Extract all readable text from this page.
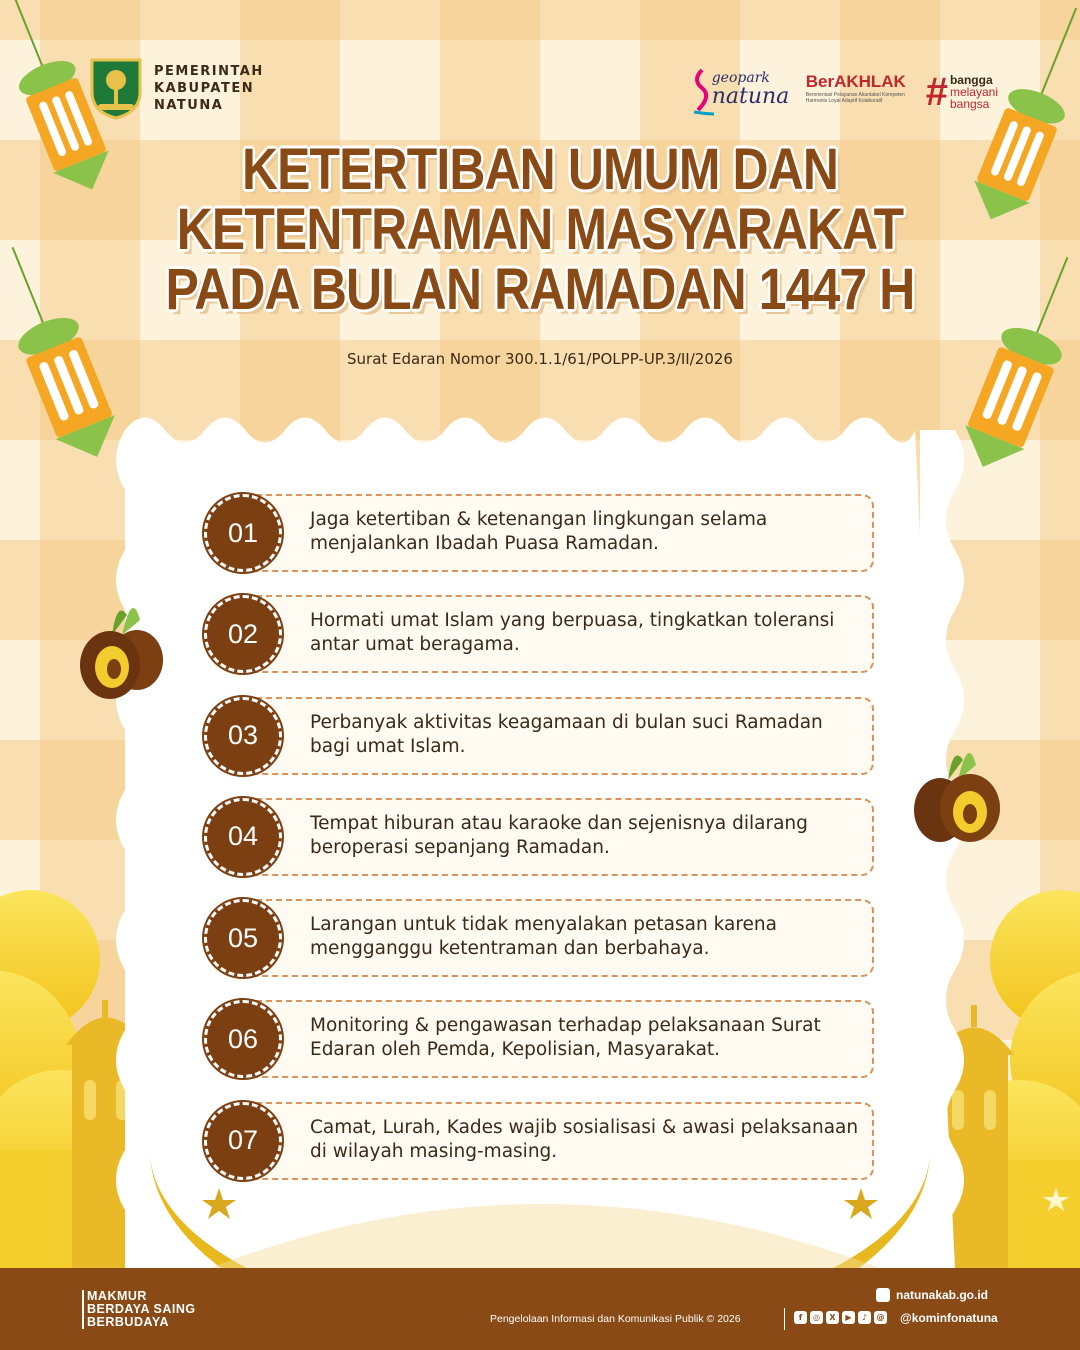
PEMERINTAH
KABUPATEN
NATUNA
geopark
natuna
BerAKHLAK
Berorientasi Pelayanan Akuntabel Kompeten Harmonis Loyal Adaptif Kolaboratif	# bangga
melayani
bangsa
KETERTIBAN UMUM DAN
KETENTRAMAN MASYARAKAT
PADA BULAN RAMADAN 1447 H
Surat Edaran Nomor 300.1.1/61/POLPP-UP.3/II/2026
01	Jaga ketertiban & ketenangan lingkungan selama menjalankan Ibadah Puasa Ramadan.
02	Hormati umat Islam yang berpuasa, tingkatkan toleransi antar umat beragama.
03	Perbanyak aktivitas keagamaan di bulan suci Ramadan bagi umat Islam.
04	Tempat hiburan atau karaoke dan sejenisnya dilarang beroperasi sepanjang Ramadan.
05	Larangan untuk tidak menyalakan petasan karena mengganggu ketentraman dan berbahaya.
06	Monitoring & pengawasan terhadap pelaksanaan Surat Edaran oleh Pemda, Kepolisian, Masyarakat.
07	Camat, Lurah, Kades wajib sosialisasi & awasi pelaksanaan di wilayah masing-masing.
MAKMUR
BERDAYA SAING
BERBUDAYA	Pengelolaan Informasi dan Komunikasi Publik © 2026	f	◎	X	▶	♪	@
natunakab.go.id
@kominfonatuna
